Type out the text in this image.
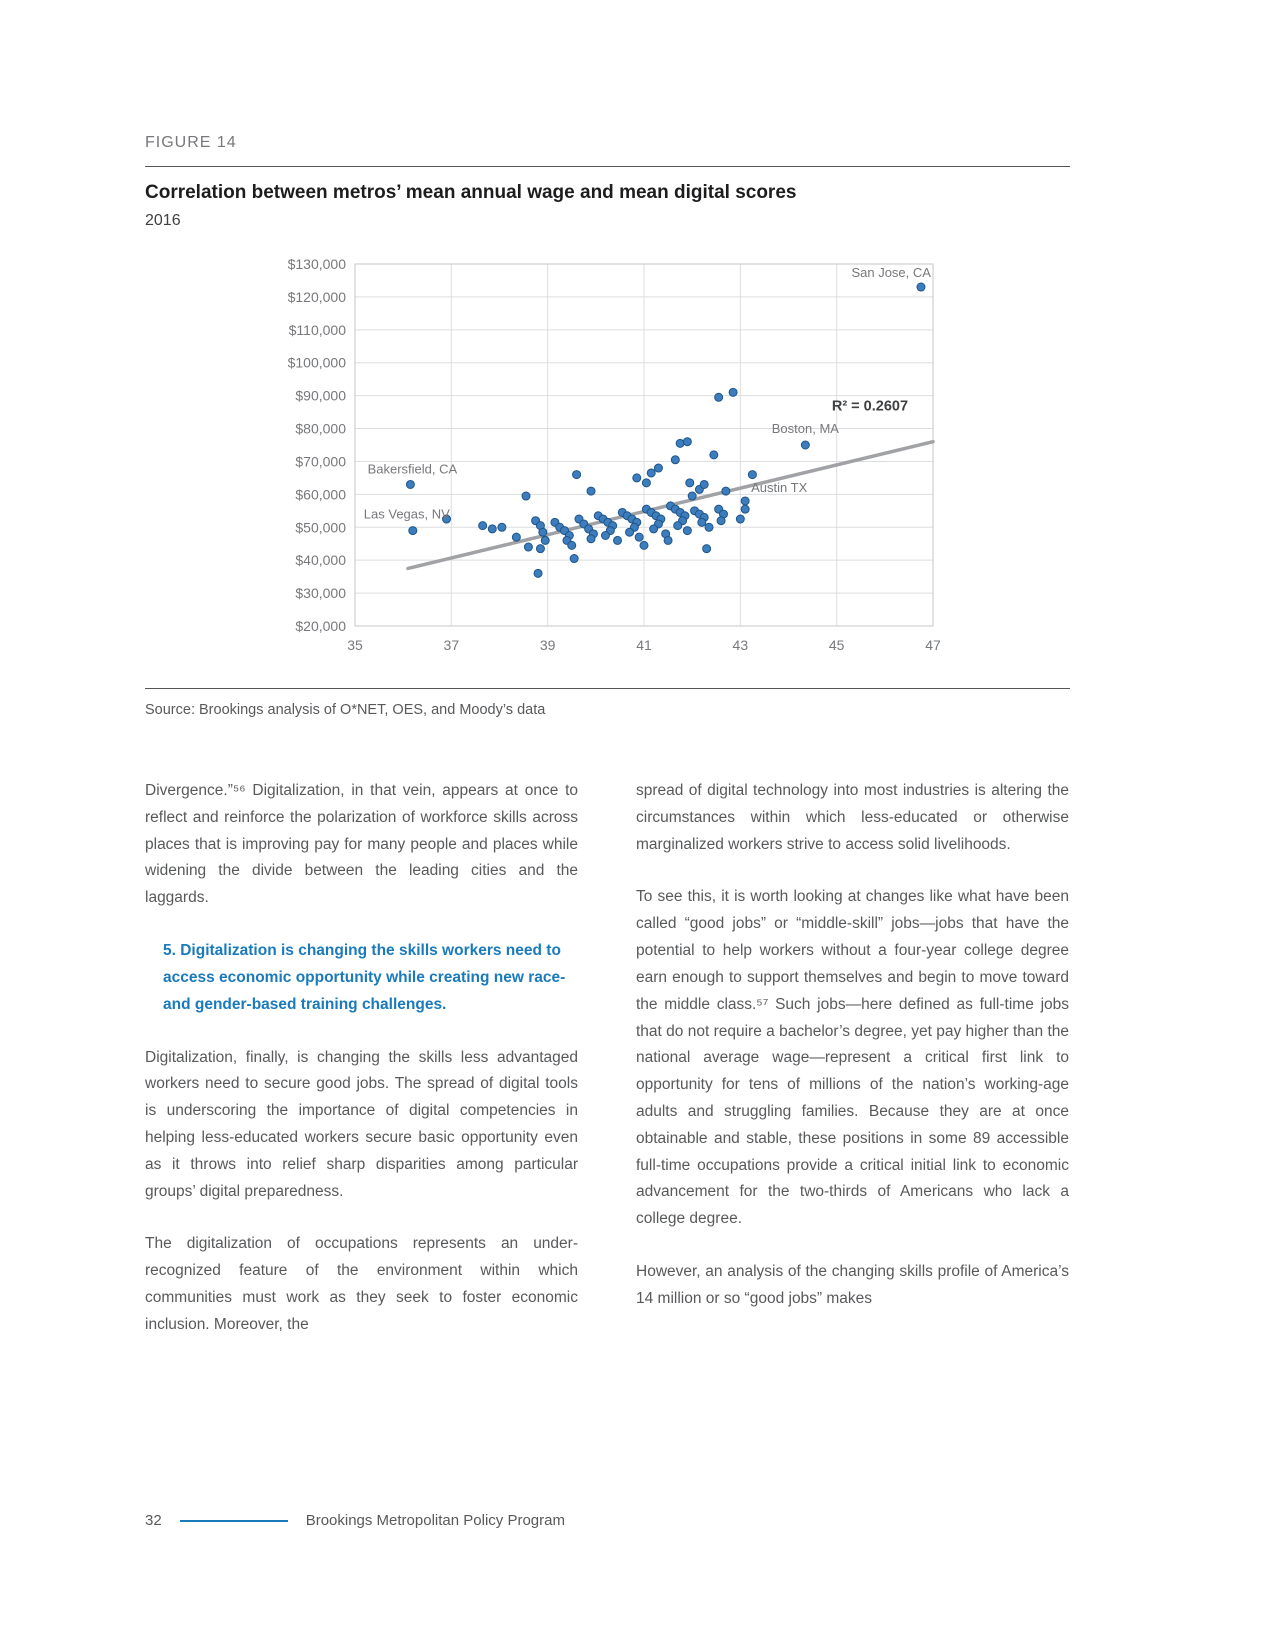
FIGURE 14
Correlation between metros’ mean annual wage and mean digital scores
2016
$20,000
$30,000
$40,000
$50,000
$60,000
$70,000
$80,000
$90,000
$100,000
$110,000
$120,000
$130,000
35	37	39	41	43	45	47
San Jose, CA
Boston, MA
Bakersfield, CA
Las Vegas, NV
Austin TX
R² = 0.2607
Source: Brookings analysis of O*NET, OES, and Moody’s data

Divergence.”⁵⁶ Digitalization, in that vein, appears at once to reflect and reinforce the polarization of workforce skills across places that is improving pay for many people and places while widening the divide between the leading cities and the laggards.

5. Digitalization is changing the skills workers need to access economic opportunity while creating new race- and gender-based training challenges.

Digitalization, finally, is changing the skills less advantaged workers need to secure good jobs. The spread of digital tools is underscoring the importance of digital competencies in helping less-educated workers secure basic opportunity even as it throws into relief sharp disparities among particular groups’ digital preparedness.

The digitalization of occupations represents an under-recognized feature of the environment within which communities must work as they seek to foster economic inclusion. Moreover, the

spread of digital technology into most industries is altering the circumstances within which less-educated or otherwise marginalized workers strive to access solid livelihoods.

To see this, it is worth looking at changes like what have been called “good jobs” or “middle-skill” jobs—jobs that have the potential to help workers without a four-year college degree earn enough to support themselves and begin to move toward the middle class.⁵⁷ Such jobs—here defined as full-time jobs that do not require a bachelor’s degree, yet pay higher than the national average wage—represent a critical first link to opportunity for tens of millions of the nation’s working-age adults and struggling families. Because they are at once obtainable and stable, these positions in some 89 accessible full-time occupations provide a critical initial link to economic advancement for the two-thirds of Americans who lack a college degree.

However, an analysis of the changing skills profile of America’s 14 million or so “good jobs” makes

32	Brookings Metropolitan Policy Program
